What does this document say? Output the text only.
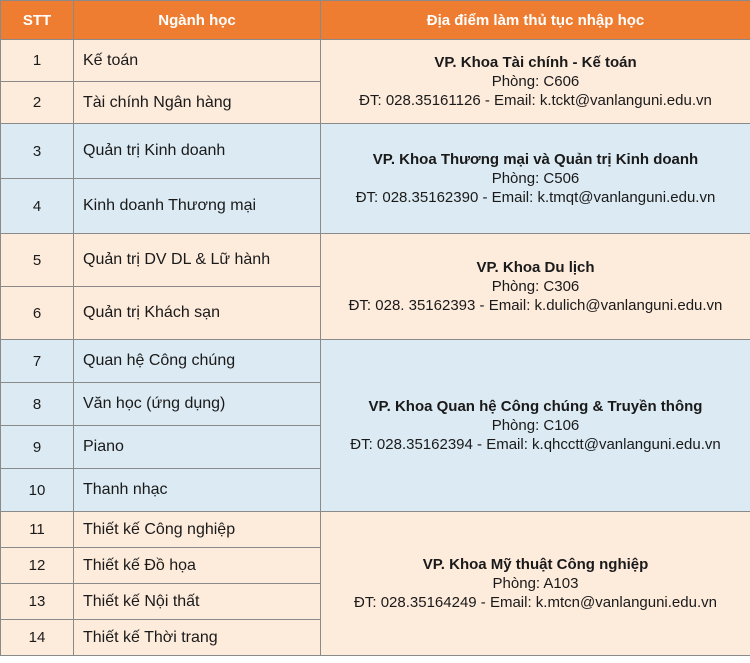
STT	Ngành học	Địa điểm làm thủ tục nhập học
1	Kế toán	VP. Khoa Tài chính - Kế toán
Phòng: C606
ĐT: 028.35161126 - Email: k.tckt@vanlanguni.edu.vn

2	Tài chính Ngân hàng	
3	Quản trị Kinh doanh	VP. Khoa Thương mại và Quản trị Kinh doanh
Phòng: C506
ĐT: 028.35162390 - Email: k.tmqt@vanlanguni.edu.vn

4	Kinh doanh Thương mại	
5	Quản trị DV DL & Lữ hành	VP. Khoa Du lịch
Phòng: C306
ĐT: 028. 35162393 - Email: k.dulich@vanlanguni.edu.vn

6	Quản trị Khách sạn	
7	Quan hệ Công chúng	VP. Khoa Quan hệ Công chúng & Truyền thông
Phòng: C106
ĐT: 028.35162394 - Email: k.qhcctt@vanlanguni.edu.vn

8	Văn học (ứng dụng)	
9	Piano	
10	Thanh nhạc	
11	Thiết kế Công nghiệp	VP. Khoa Mỹ thuật Công nghiệp
Phòng: A103
ĐT: 028.35164249 - Email: k.mtcn@vanlanguni.edu.vn

12	Thiết kế Đồ họa	
13	Thiết kế Nội thất	
14	Thiết kế Thời trang	
